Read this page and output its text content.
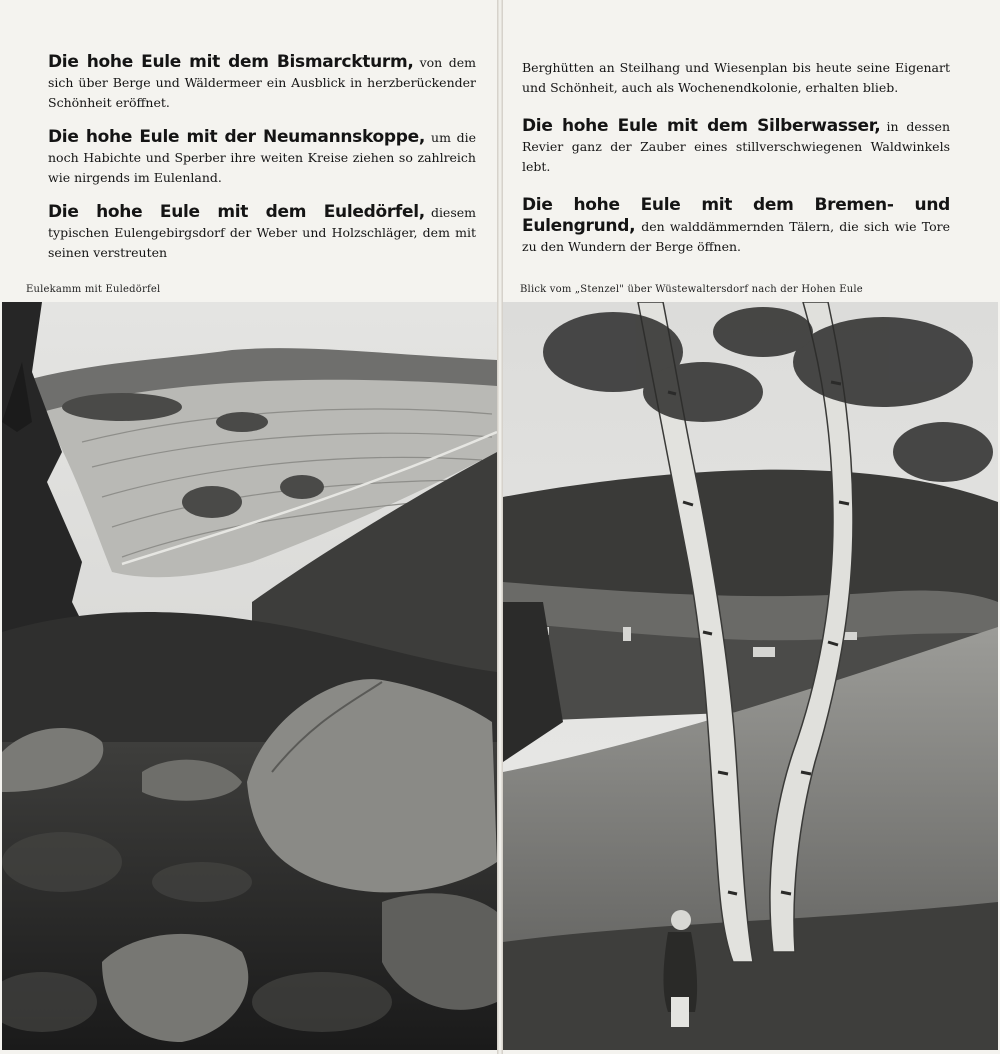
Die hohe Eule mit dem Bismarckturm, von dem sich über Berge und Wäldermeer ein Ausblick in herzberückender Schönheit eröffnet.

Die hohe Eule mit der Neumannskoppe, um die noch Habichte und Sperber ihre weiten Kreise ziehen so zahlreich wie nirgends im Eulenland.

Die hohe Eule mit dem Euledörfel, diesem typischen Eulengebirgsdorf der Weber und Holzschläger, dem mit seinen verstreuten

Berghütten an Steilhang und Wiesenplan bis heute seine Eigenart und Schönheit, auch als Wochenendkolonie, erhalten blieb.

Die hohe Eule mit dem Silberwasser, in dessen Revier ganz der Zauber eines stillverschwiegenen Waldwinkels lebt.

Die hohe Eule mit dem Bremen- und Eulengrund, den walddämmernden Tälern, die sich wie Tore zu den Wundern der Berge öffnen.

Eulekamm mit Euledörfel	Blick vom „Stenzel" über Wüstewaltersdorf nach der Hohen Eule
